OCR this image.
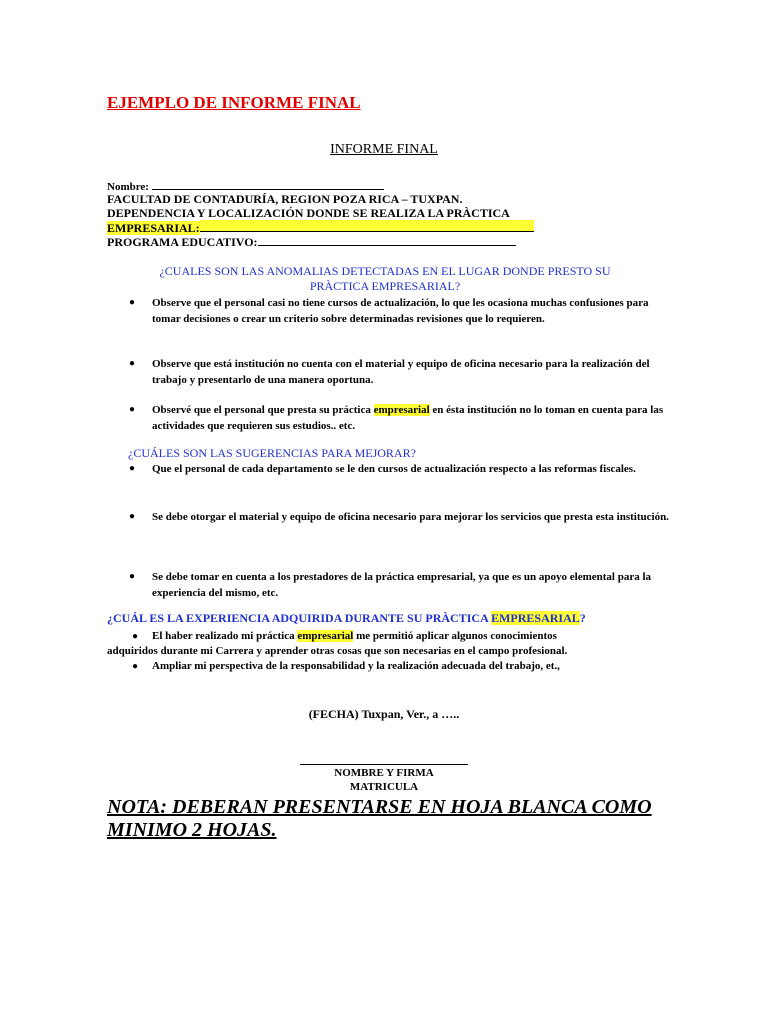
EJEMPLO DE INFORME FINAL
INFORME FINAL
Nombre:
FACULTAD DE CONTADURÍA, REGION POZA RICA – TUXPAN.
DEPENDENCIA Y LOCALIZACIÓN DONDE SE REALIZA LA PRÀCTICA
EMPRESARIAL:
PROGRAMA EDUCATIVO:
¿CUALES SON LAS ANOMALIAS DETECTADAS EN EL LUGAR DONDE PRESTO SU
PRÀCTICA EMPRESARIAL?
● Observe que el personal casi no tiene cursos de actualización, lo que les ocasiona muchas confusiones para tomar decisiones o crear un criterio sobre determinadas revisiones que lo requieren.
● Observe que está institución no cuenta con el material y equipo de oficina necesario para la realización del trabajo y presentarlo de una manera oportuna.
● Observé que el personal que presta su práctica empresarial en ésta institución no lo toman en cuenta para las actividades que requieren sus estudios.. etc.
¿CUÁLES SON LAS SUGERENCIAS PARA MEJORAR?
● Que el personal de cada departamento se le den cursos de actualización respecto a las reformas fiscales.
● Se debe otorgar el material y equipo de oficina necesario para mejorar los servicios que presta esta institución.
● Se debe tomar en cuenta a los prestadores de la práctica empresarial, ya que es un apoyo elemental para la experiencia del mismo, etc.
¿CUÁL ES LA EXPERIENCIA ADQUIRIDA DURANTE SU PRÀCTICA EMPRESARIAL?
● El haber realizado mi práctica empresarial me permitió aplicar algunos conocimientos
adquiridos durante mi Carrera y aprender otras cosas que son necesarias en el campo profesional.
● Ampliar mi perspectiva de la responsabilidad y la realización adecuada del trabajo, et.,
(FECHA) Tuxpan, Ver., a …..
NOMBRE Y FIRMA
MATRICULA
NOTA: DEBERAN PRESENTARSE EN HOJA BLANCA COMO
MINIMO 2 HOJAS.
